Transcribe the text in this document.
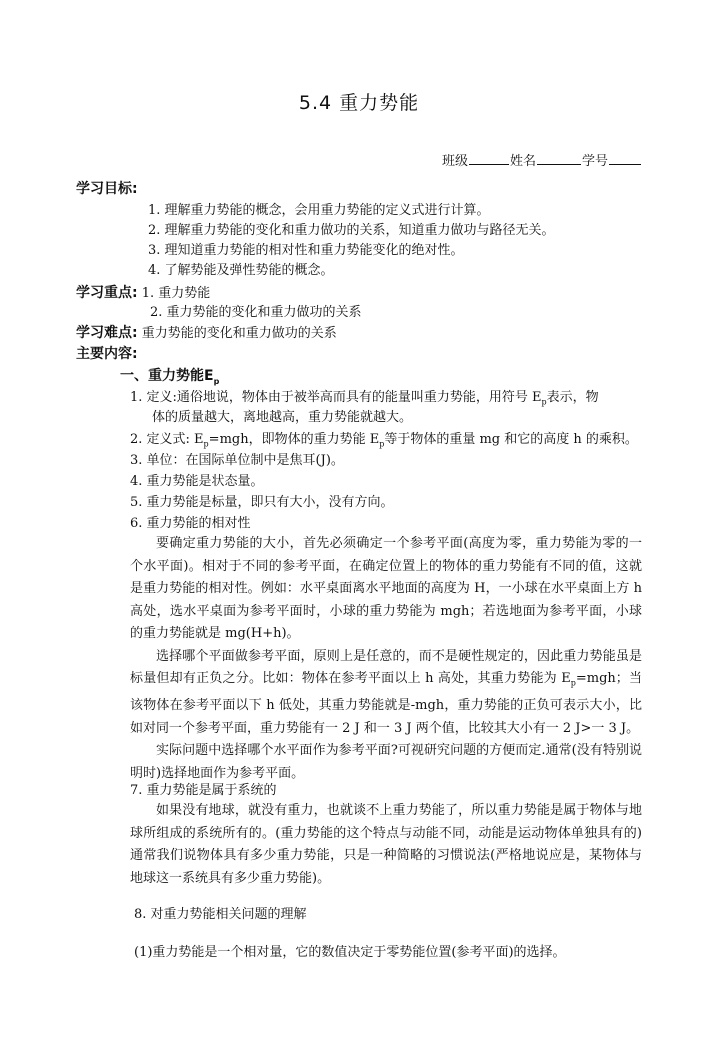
5.4 重力势能
班级	姓名	学号
学习目标:
1. 理解重力势能的概念，会用重力势能的定义式进行计算。
2. 理解重力势能的变化和重力做功的关系，知道重力做功与路径无关。
3. 理知道重力势能的相对性和重力势能变化的绝对性。
4. 了解势能及弹性势能的概念。
学习重点: 1. 重力势能
2. 重力势能的变化和重力做功的关系
学习难点: 重力势能的变化和重力做功的关系
主要内容:
一、重力势能$E_p$
1. 定义:通俗地说，物体由于被举高而具有的能量叫重力势能，用符号 $E_p$表示，物
体的质量越大，离地越高，重力势能就越大。
2. 定义式: $E_p=mgh$，即物体的重力势能 $E_p$等于物体的重量 mg 和它的高度 h 的乘积。
3. 单位：在国际单位制中是焦耳(J)。
4. 重力势能是状态量。
5. 重力势能是标量，即只有大小，没有方向。
6. 重力势能的相对性

要确定重力势能的大小，首先必须确定一个参考平面(高度为零，重力势能为零的一个水平面)。相对于不同的参考平面，在确定位置上的物体的重力势能有不同的值，这就是重力势能的相对性。例如：水平桌面离水平地面的高度为 H，一小球在水平桌面上方 h 高处，选水平桌面为参考平面时，小球的重力势能为 mgh；若选地面为参考平面，小球的重力势能就是 mg(H+h)。

选择哪个平面做参考平面，原则上是任意的，而不是硬性规定的，因此重力势能虽是标量但却有正负之分。比如：物体在参考平面以上 h 高处，其重力势能为 $E_p=mgh$；当该物体在参考平面以下 h 低处，其重力势能就是-mgh，重力势能的正负可表示大小，比如对同一个参考平面，重力势能有一 2 J 和一 3 J 两个值，比较其大小有一 2 J>一 3 J。

实际问题中选择哪个水平面作为参考平面?可视研究问题的方便而定.通常(没有特别说明时)选择地面作为参考平面。

7. 重力势能是属于系统的

如果没有地球，就没有重力，也就谈不上重力势能了，所以重力势能是属于物体与地球所组成的系统所有的。(重力势能的这个特点与动能不同，动能是运动物体单独具有的)通常我们说物体具有多少重力势能，只是一种简略的习惯说法(严格地说应是，某物体与地球这一系统具有多少重力势能)。

8. 对重力势能相关问题的理解
(1)重力势能是一个相对量，它的数值决定于零势能位置(参考平面)的选择。
